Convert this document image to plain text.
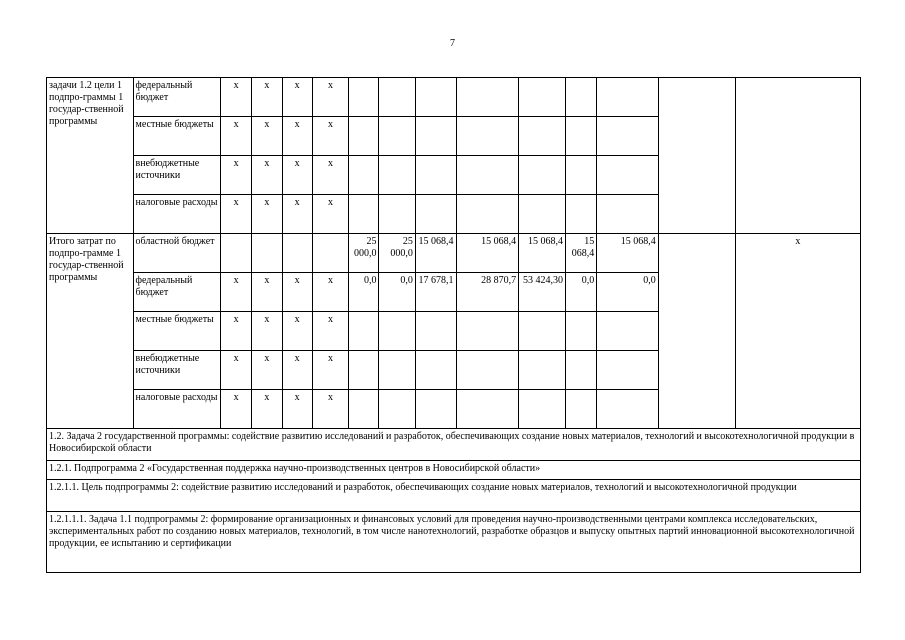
7
задачи 1.2 цели 1 подпро-граммы 1 государ-ственной программы	федеральный бюджет	x	x	x	x									
	местные бюджеты	x	x	x	x									
	внебюджетные источники	x	x	x	x									
	налоговые расходы	x	x	x	x									
Итого затрат по подпро-грамме 1 государ-ственной программы	областной бюджет					25 000,0	25 000,0	15 068,4	15 068,4	15 068,4	15 068,4	15 068,4		x
	федеральный бюджет	x	x	x	x	0,0	0,0	17 678,1	28 870,7	53 424,30	0,0	0,0		
	местные бюджеты	x	x	x	x									
	внебюджетные источники	x	x	x	x									
	налоговые расходы	x	x	x	x									
1.2. Задача 2 государственной программы: содействие развитию исследований и разработок, обеспечивающих создание новых материалов, технологий и высокотехнологичной продукции в Новосибирской области														
1.2.1. Подпрограмма 2 «Государственная поддержка научно-производственных центров в Новосибирской области»														
1.2.1.1. Цель подпрограммы 2: содействие развитию исследований и разработок, обеспечивающих создание новых материалов, технологий и высокотехнологичной продукции														
1.2.1.1.1. Задача 1.1 подпрограммы 2: формирование организационных и финансовых условий для проведения научно-производственными центрами комплекса исследовательских, экспериментальных работ по созданию новых материалов, технологий, в том числе нанотехнологий, разработке образцов и выпуску опытных партий инновационной высокотехнологичной продукции, ее испытанию и сертификации														
